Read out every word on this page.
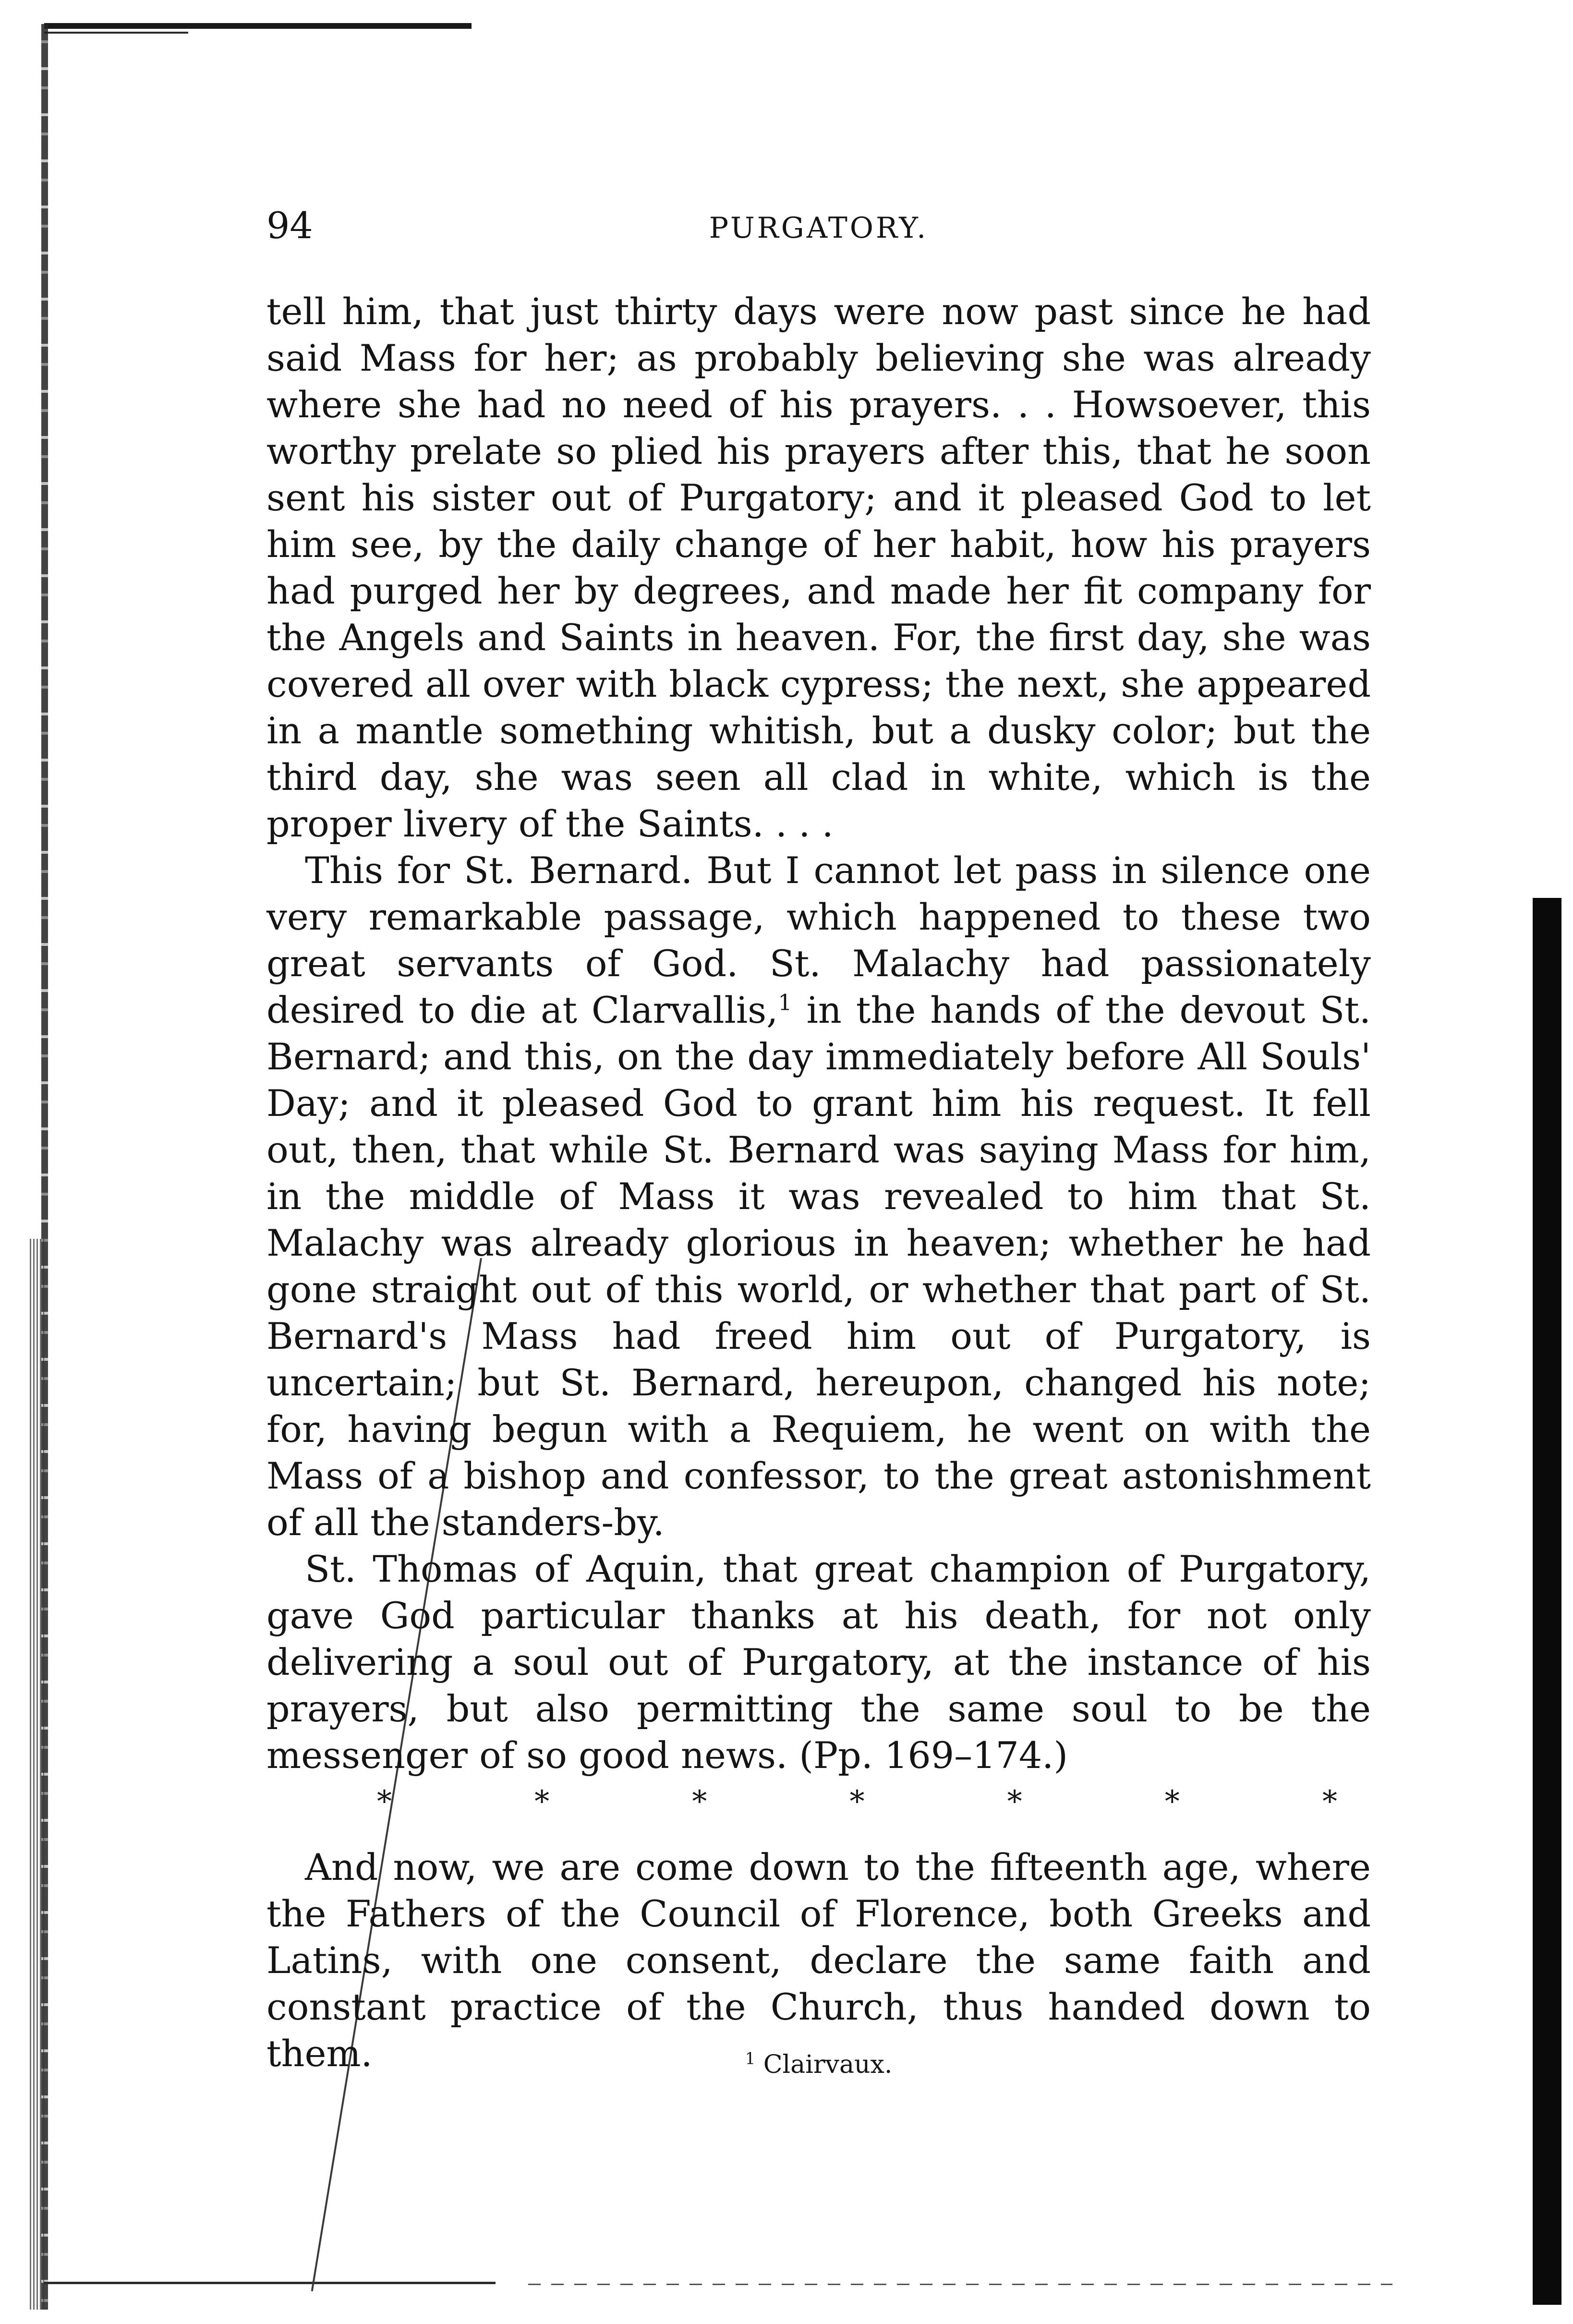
94	PURGATORY.

tell him, that just thirty days were now past since he had said Mass for her; as probably believing she was already where she had no need of his prayers. . . Howsoever, this worthy prelate so plied his prayers after this, that he soon sent his sister out of Purgatory; and it pleased God to let him see, by the daily change of her habit, how his prayers had purged her by degrees, and made her fit company for the Angels and Saints in heaven. For, the first day, she was covered all over with black cypress; the next, she appeared in a mantle something whitish, but a dusky color; but the third day, she was seen all clad in white, which is the proper livery of the Saints. . . .

This for St. Bernard. But I cannot let pass in silence one very remarkable passage, which happened to these two great servants of God. St. Malachy had passionately desired to die at Clarvallis,$^1$ in the hands of the devout St. Bernard; and this, on the day immediately before All Souls' Day; and it pleased God to grant him his request. It fell out, then, that while St. Bernard was saying Mass for him, in the middle of Mass it was revealed to him that St. Malachy was already glorious in heaven; whether he had gone straight out of this world, or whether that part of St. Bernard's Mass had freed him out of Purgatory, is uncertain; but St. Bernard, hereupon, changed his note; for, having begun with a Requiem, he went on with the Mass of a bishop and confessor, to the great astonishment of all the standers-by.

St. Thomas of Aquin, that great champion of Purgatory, gave God particular thanks at his death, for not only delivering a soul out of Purgatory, at the instance of his prayers, but also permitting the same soul to be the messenger of so good news. (Pp. 169–174.)

*	*	*	*	*	*	*

And now, we are come down to the fifteenth age, where the Fathers of the Council of Florence, both Greeks and Latins, with one consent, declare the same faith and constant practice of the Church, thus handed down to them.	$^1$ Clairvaux.
